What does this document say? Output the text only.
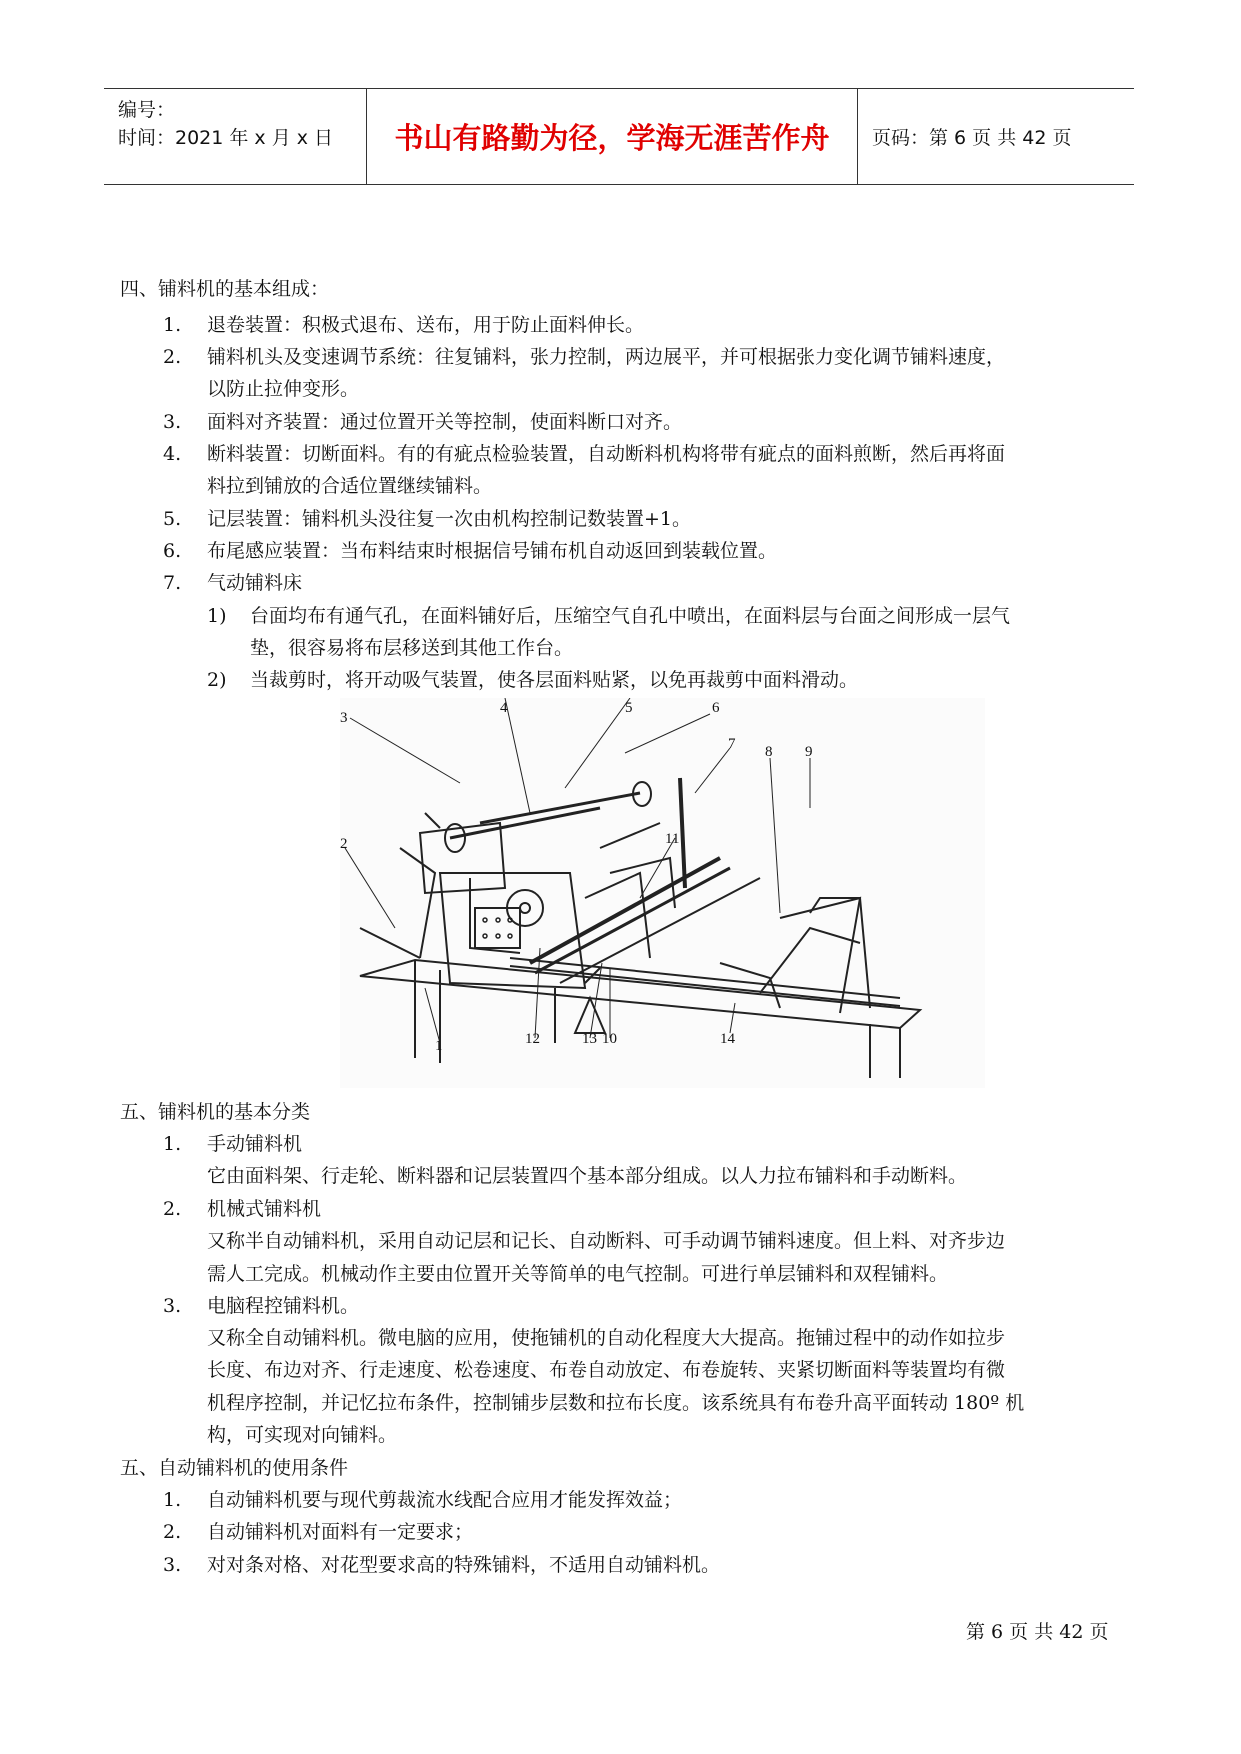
编号：
时间：2021 年 x 月 x 日	书山有路勤为径，学海无涯苦作舟	页码：第 6 页 共 42 页
四、铺料机的基本组成：
1. 退卷装置：积极式退布、送布，用于防止面料伸长。
2. 铺料机头及变速调节系统：往复铺料，张力控制，两边展平，并可根据张力变化调节铺料速度，
以防止拉伸变形。
3. 面料对齐装置：通过位置开关等控制，使面料断口对齐。
4. 断料装置：切断面料。有的有疵点检验装置，自动断料机构将带有疵点的面料煎断，然后再将面
料拉到铺放的合适位置继续铺料。
5. 记层装置：铺料机头没往复一次由机构控制记数装置+1。
6. 布尾感应装置：当布料结束时根据信号铺布机自动返回到装载位置。
7. 气动铺料床
1) 台面均布有通气孔，在面料铺好后，压缩空气自孔中喷出，在面料层与台面之间形成一层气
垫，很容易将布层移送到其他工作台。
2) 当裁剪时，将开动吸气装置，使各层面料贴紧，以免再裁剪中面料滑动。
4	5
3
6
7 8 9
2	11
1	12	13 10	14
五、铺料机的基本分类
1. 手动铺料机
它由面料架、行走轮、断料器和记层装置四个基本部分组成。以人力拉布铺料和手动断料。
2. 机械式铺料机
又称半自动铺料机，采用自动记层和记长、自动断料、可手动调节铺料速度。但上料、对齐步边
需人工完成。机械动作主要由位置开关等简单的电气控制。可进行单层铺料和双程铺料。
3. 电脑程控铺料机。
又称全自动铺料机。微电脑的应用，使拖铺机的自动化程度大大提高。拖铺过程中的动作如拉步
长度、布边对齐、行走速度、松卷速度、布卷自动放定、布卷旋转、夹紧切断面料等装置均有微
机程序控制，并记忆拉布条件，控制铺步层数和拉布长度。该系统具有布卷升高平面转动 180º 机
构，可实现对向铺料。
五、自动铺料机的使用条件
1. 自动铺料机要与现代剪裁流水线配合应用才能发挥效益；
2. 自动铺料机对面料有一定要求；
3. 对对条对格、对花型要求高的特殊铺料，不适用自动铺料机。
第 6 页 共 42 页
